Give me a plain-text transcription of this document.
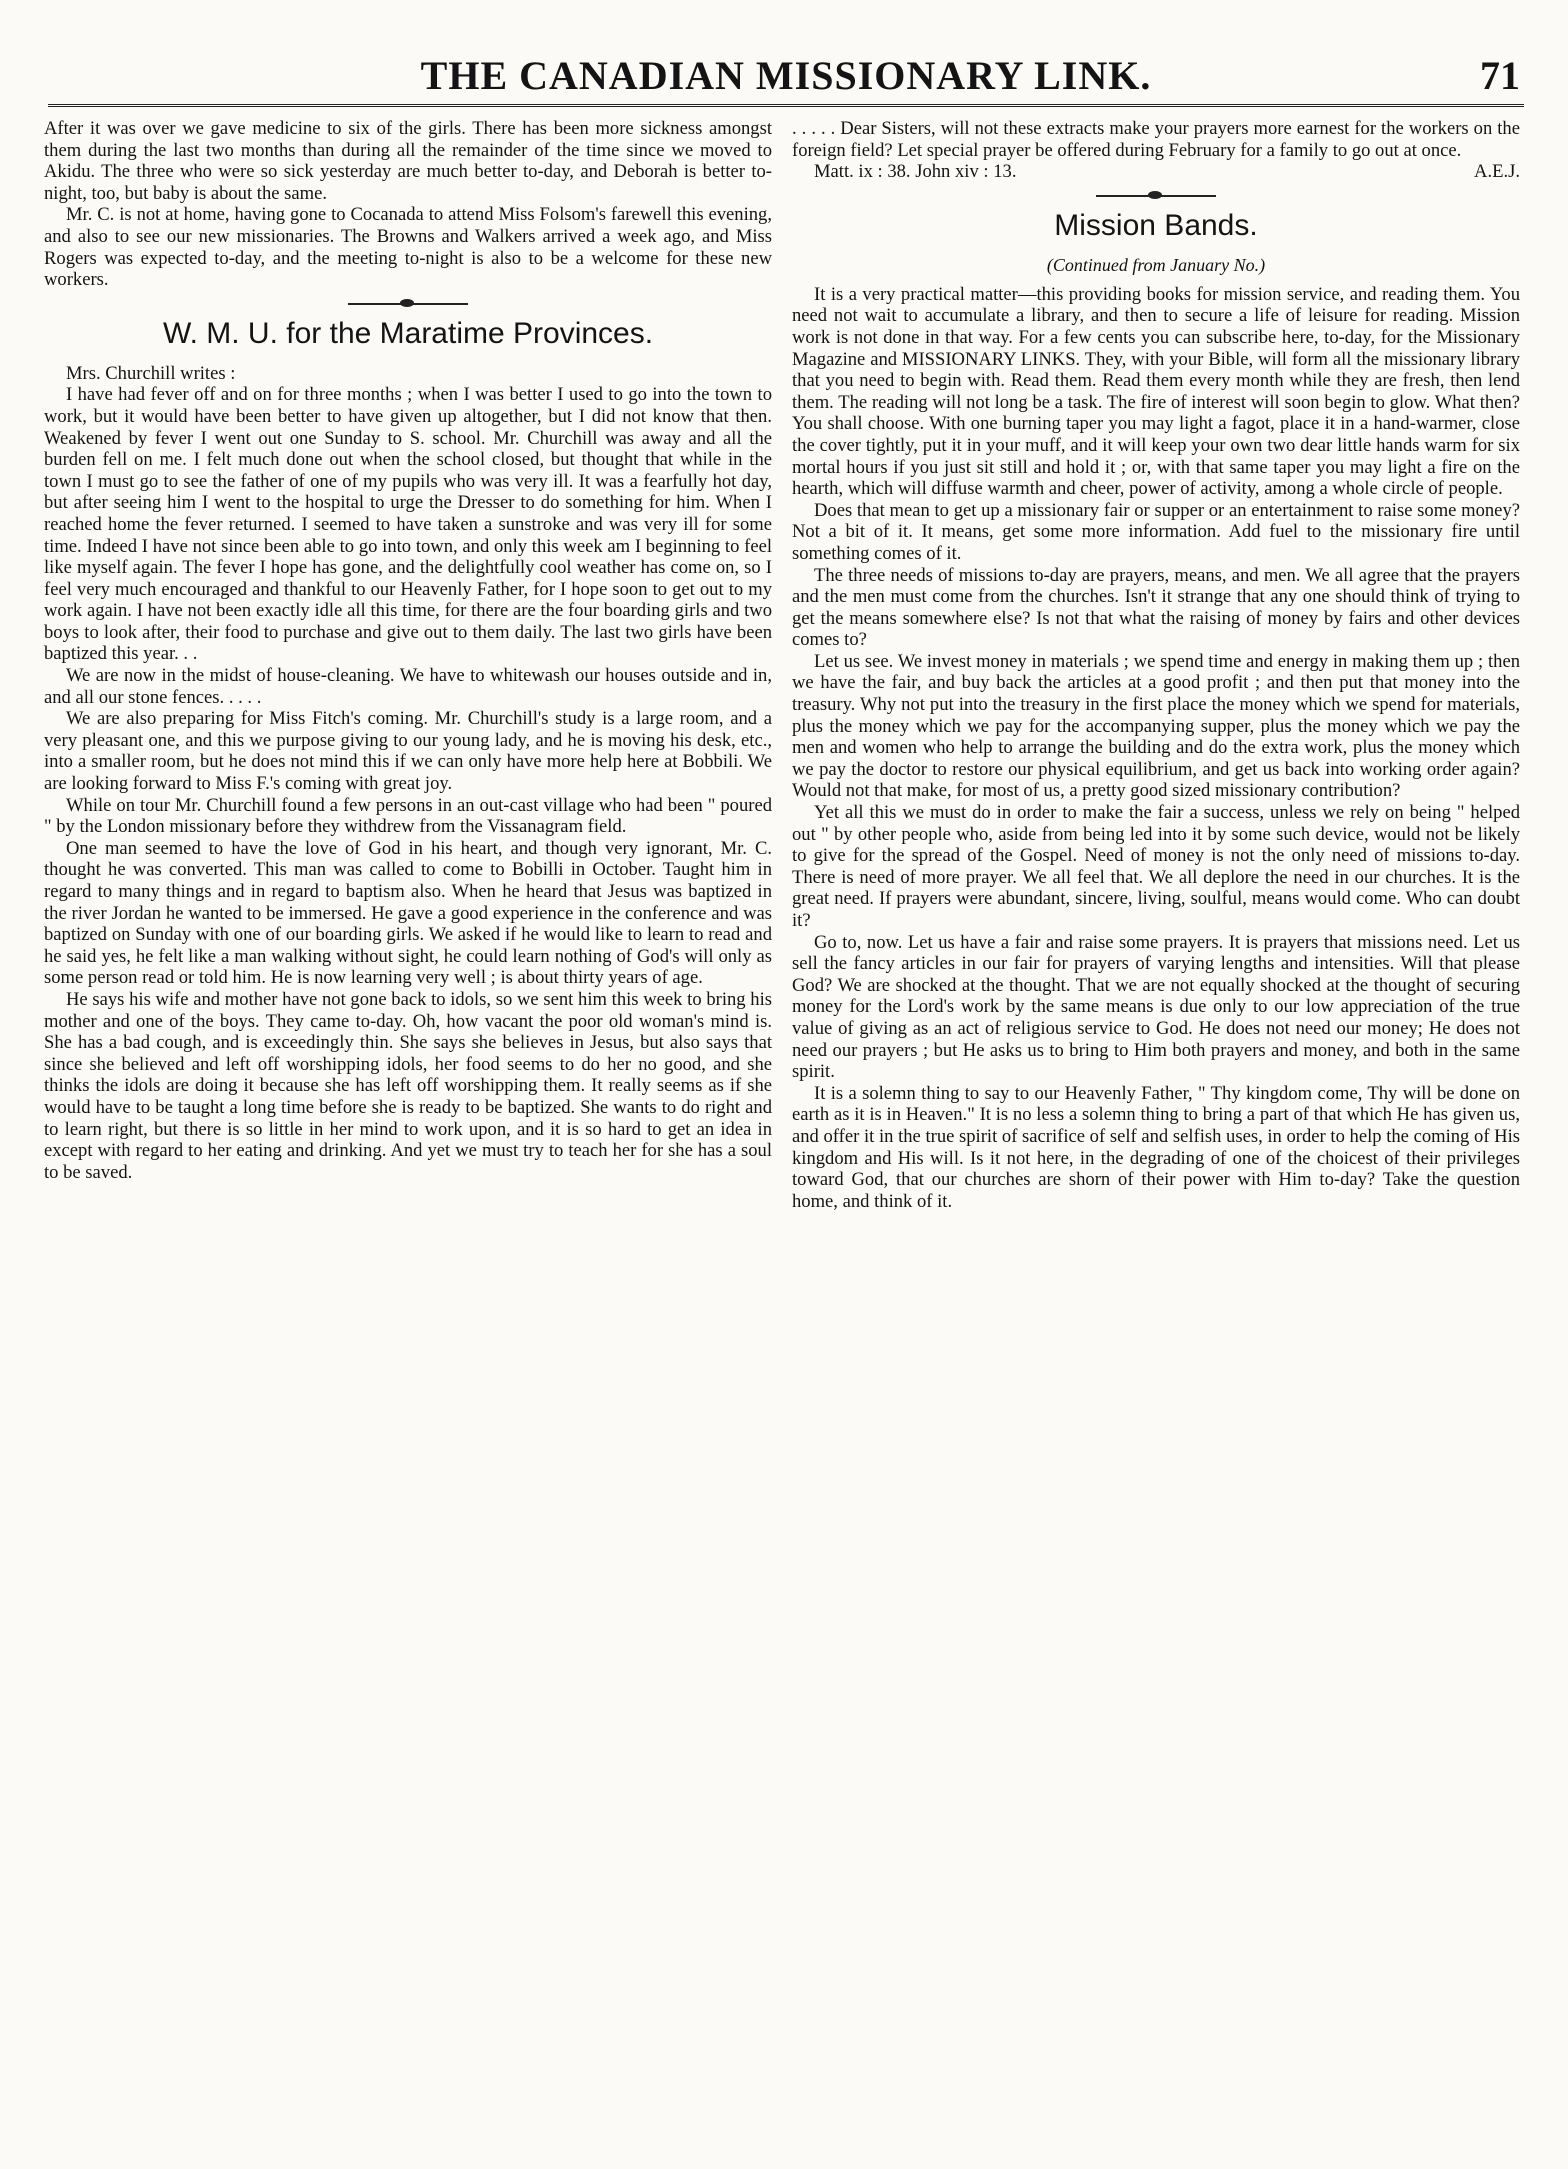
THE CANADIAN MISSIONARY LINK.	71

After it was over we gave medicine to six of the girls. There has been more sickness amongst them during the last two months than during all the remainder of the time since we moved to Akidu. The three who were so sick yesterday are much better to-day, and Deborah is better to-night, too, but baby is about the same.

Mr. C. is not at home, having gone to Cocanada to attend Miss Folsom's farewell this evening, and also to see our new missionaries. The Browns and Walkers arrived a week ago, and Miss Rogers was expected to-day, and the meeting to-night is also to be a welcome for these new workers.

W. M. U. for the Maratime Provinces.

Mrs. Churchill writes :

I have had fever off and on for three months ; when I was better I used to go into the town to work, but it would have been better to have given up altogether, but I did not know that then. Weakened by fever I went out one Sunday to S. school. Mr. Churchill was away and all the burden fell on me. I felt much done out when the school closed, but thought that while in the town I must go to see the father of one of my pupils who was very ill. It was a fearfully hot day, but after seeing him I went to the hospital to urge the Dresser to do something for him. When I reached home the fever returned. I seemed to have taken a sunstroke and was very ill for some time. Indeed I have not since been able to go into town, and only this week am I beginning to feel like myself again. The fever I hope has gone, and the delightfully cool weather has come on, so I feel very much encouraged and thankful to our Heavenly Father, for I hope soon to get out to my work again. I have not been exactly idle all this time, for there are the four boarding girls and two boys to look after, their food to purchase and give out to them daily. The last two girls have been baptized this year. . .

We are now in the midst of house-cleaning. We have to whitewash our houses outside and in, and all our stone fences. . . . .

We are also preparing for Miss Fitch's coming. Mr. Churchill's study is a large room, and a very pleasant one, and this we purpose giving to our young lady, and he is moving his desk, etc., into a smaller room, but he does not mind this if we can only have more help here at Bobbili. We are looking forward to Miss F.'s coming with great joy.

While on tour Mr. Churchill found a few persons in an out-cast village who had been " poured " by the London missionary before they withdrew from the Vissanagram field.

One man seemed to have the love of God in his heart, and though very ignorant, Mr. C. thought he was converted. This man was called to come to Bobilli in October. Taught him in regard to many things and in regard to baptism also. When he heard that Jesus was baptized in the river Jordan he wanted to be immersed. He gave a good experience in the conference and was baptized on Sunday with one of our boarding girls. We asked if he would like to learn to read and he said yes, he felt like a man walking without sight, he could learn nothing of God's will only as some person read or told him. He is now learning very well ; is about thirty years of age.

He says his wife and mother have not gone back to idols, so we sent him this week to bring his mother and one of the boys. They came to-day. Oh, how vacant the poor old woman's mind is. She has a bad cough, and is exceedingly thin. She says she believes in Jesus, but also says that since she believed and left off worshipping idols, her food seems to do her no good, and she thinks the idols are doing it because she has left off worshipping them. It really seems as if she would have to be taught a long time before she is ready to be baptized. She wants to do right and to learn right, but there is so little in her mind to work upon, and it is so hard to get an idea in except with regard to her eating and drinking. And yet we must try to teach her for she has a soul to be saved.

. . . . . Dear Sisters, will not these extracts make your prayers more earnest for the workers on the foreign field? Let special prayer be offered during February for a family to go out at once.

Matt. ix : 38. John xiv : 13.	A.E.J.
Mission Bands.
(Continued from January No.)

It is a very practical matter—this providing books for mission service, and reading them. You need not wait to accumulate a library, and then to secure a life of leisure for reading. Mission work is not done in that way. For a few cents you can subscribe here, to-day, for the Missionary Magazine and MISSIONARY LINKS. They, with your Bible, will form all the missionary library that you need to begin with. Read them. Read them every month while they are fresh, then lend them. The reading will not long be a task. The fire of interest will soon begin to glow. What then? You shall choose. With one burning taper you may light a fagot, place it in a hand-warmer, close the cover tightly, put it in your muff, and it will keep your own two dear little hands warm for six mortal hours if you just sit still and hold it ; or, with that same taper you may light a fire on the hearth, which will diffuse warmth and cheer, power of activity, among a whole circle of people.

Does that mean to get up a missionary fair or supper or an entertainment to raise some money? Not a bit of it. It means, get some more information. Add fuel to the missionary fire until something comes of it.

The three needs of missions to-day are prayers, means, and men. We all agree that the prayers and the men must come from the churches. Isn't it strange that any one should think of trying to get the means somewhere else? Is not that what the raising of money by fairs and other devices comes to?

Let us see. We invest money in materials ; we spend time and energy in making them up ; then we have the fair, and buy back the articles at a good profit ; and then put that money into the treasury. Why not put into the treasury in the first place the money which we spend for materials, plus the money which we pay for the accompanying supper, plus the money which we pay the men and women who help to arrange the building and do the extra work, plus the money which we pay the doctor to restore our physical equilibrium, and get us back into working order again? Would not that make, for most of us, a pretty good sized missionary contribution?

Yet all this we must do in order to make the fair a success, unless we rely on being " helped out " by other people who, aside from being led into it by some such device, would not be likely to give for the spread of the Gospel. Need of money is not the only need of missions to-day. There is need of more prayer. We all feel that. We all deplore the need in our churches. It is the great need. If prayers were abundant, sincere, living, soulful, means would come. Who can doubt it?

Go to, now. Let us have a fair and raise some prayers. It is prayers that missions need. Let us sell the fancy articles in our fair for prayers of varying lengths and intensities. Will that please God? We are shocked at the thought. That we are not equally shocked at the thought of securing money for the Lord's work by the same means is due only to our low appreciation of the true value of giving as an act of religious service to God. He does not need our money; He does not need our prayers ; but He asks us to bring to Him both prayers and money, and both in the same spirit.

It is a solemn thing to say to our Heavenly Father, " Thy kingdom come, Thy will be done on earth as it is in Heaven." It is no less a solemn thing to bring a part of that which He has given us, and offer it in the true spirit of sacrifice of self and selfish uses, in order to help the coming of His kingdom and His will. Is it not here, in the degrading of one of the choicest of their privileges toward God, that our churches are shorn of their power with Him to-day? Take the question home, and think of it.
